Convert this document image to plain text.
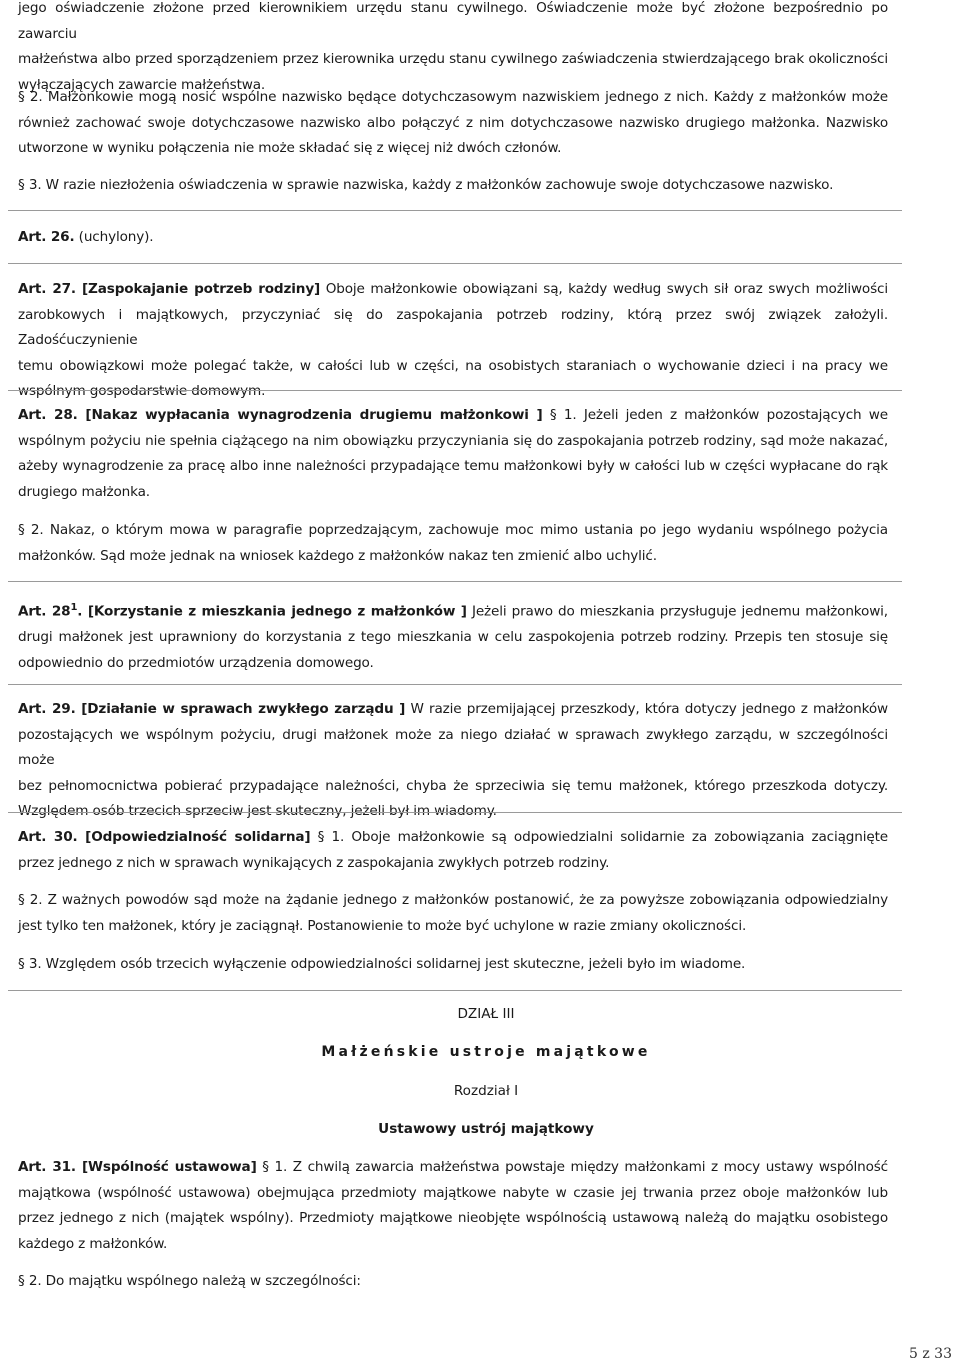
jego oświadczenie złożone przed kierownikiem urzędu stanu cywilnego. Oświadczenie może być złożone bezpośrednio po zawarciu
małżeństwa albo przed sporządzeniem przez kierownika urzędu stanu cywilnego zaświadczenia stwierdzającego brak okoliczności
wyłączających zawarcie małżeństwa.
§ 2. Małżonkowie mogą nosić wspólne nazwisko będące dotychczasowym nazwiskiem jednego z nich. Każdy z małżonków może
również zachować swoje dotychczasowe nazwisko albo połączyć z nim dotychczasowe nazwisko drugiego małżonka. Nazwisko
utworzone w wyniku połączenia nie może składać się z więcej niż dwóch członów.
§ 3. W razie niezłożenia oświadczenia w sprawie nazwiska, każdy z małżonków zachowuje swoje dotychczasowe nazwisko.
Art. 26. (uchylony).
Art. 27. [Zaspokajanie potrzeb rodziny] Oboje małżonkowie obowiązani są, każdy według swych sił oraz swych możliwości
zarobkowych i majątkowych, przyczyniać się do zaspokajania potrzeb rodziny, którą przez swój związek założyli. Zadośćuczynienie
temu obowiązkowi może polegać także, w całości lub w części, na osobistych staraniach o wychowanie dzieci i na pracy we
wspólnym gospodarstwie domowym.
Art. 28. [Nakaz wypłacania wynagrodzenia drugiemu małżonkowi ] § 1. Jeżeli jeden z małżonków pozostających we
wspólnym pożyciu nie spełnia ciążącego na nim obowiązku przyczyniania się do zaspokajania potrzeb rodziny, sąd może nakazać,
ażeby wynagrodzenie za pracę albo inne należności przypadające temu małżonkowi były w całości lub w części wypłacane do rąk
drugiego małżonka.
§ 2. Nakaz, o którym mowa w paragrafie poprzedzającym, zachowuje moc mimo ustania po jego wydaniu wspólnego pożycia
małżonków. Sąd może jednak na wniosek każdego z małżonków nakaz ten zmienić albo uchylić.
Art. $28^1$. [Korzystanie z mieszkania jednego z małżonków ] Jeżeli prawo do mieszkania przysługuje jednemu małżonkowi,
drugi małżonek jest uprawniony do korzystania z tego mieszkania w celu zaspokojenia potrzeb rodziny. Przepis ten stosuje się
odpowiednio do przedmiotów urządzenia domowego.
Art. 29. [Działanie w sprawach zwykłego zarządu ] W razie przemijającej przeszkody, która dotyczy jednego z małżonków
pozostających we wspólnym pożyciu, drugi małżonek może za niego działać w sprawach zwykłego zarządu, w szczególności może
bez pełnomocnictwa pobierać przypadające należności, chyba że sprzeciwia się temu małżonek, którego przeszkoda dotyczy.
Względem osób trzecich sprzeciw jest skuteczny, jeżeli był im wiadomy.
Art. 30. [Odpowiedzialność solidarna] § 1. Oboje małżonkowie są odpowiedzialni solidarnie za zobowiązania zaciągnięte
przez jednego z nich w sprawach wynikających z zaspokajania zwykłych potrzeb rodziny.
§ 2. Z ważnych powodów sąd może na żądanie jednego z małżonków postanowić, że za powyższe zobowiązania odpowiedzialny
jest tylko ten małżonek, który je zaciągnął. Postanowienie to może być uchylone w razie zmiany okoliczności.
§ 3. Względem osób trzecich wyłączenie odpowiedzialności solidarnej jest skuteczne, jeżeli było im wiadome.
DZIAŁ III
Małżeńskie ustroje majątkowe
Rozdział I
Ustawowy ustrój majątkowy
Art. 31. [Wspólność ustawowa] § 1. Z chwilą zawarcia małżeństwa powstaje między małżonkami z mocy ustawy wspólność
majątkowa (wspólność ustawowa) obejmująca przedmioty majątkowe nabyte w czasie jej trwania przez oboje małżonków lub
przez jednego z nich (majątek wspólny). Przedmioty majątkowe nieobjęte wspólnością ustawową należą do majątku osobistego
każdego z małżonków.
§ 2. Do majątku wspólnego należą w szczególności:
5 z 33
